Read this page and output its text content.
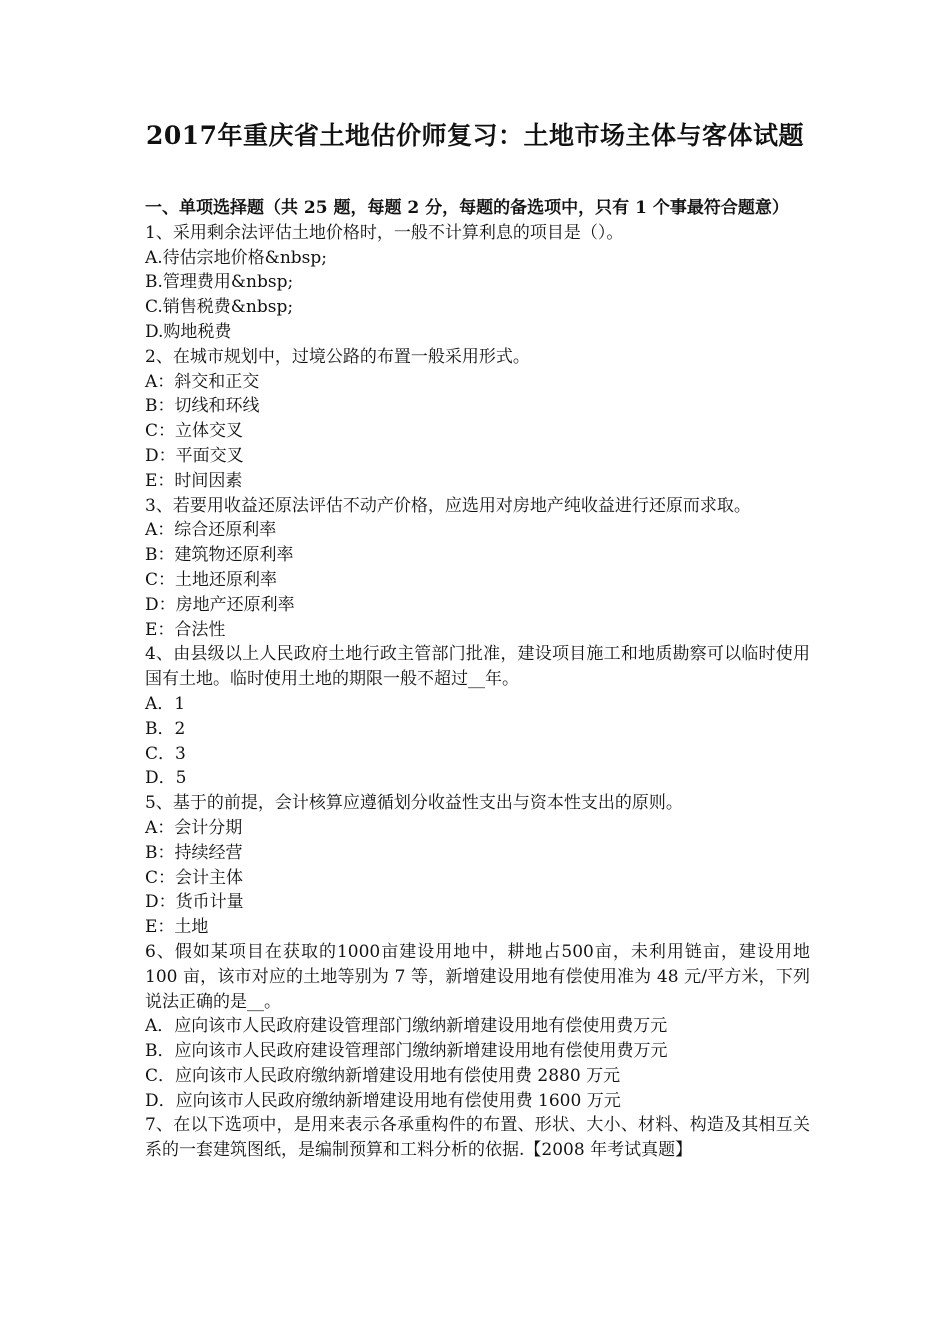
2017年重庆省土地估价师复习：土地市场主体与客体试题

一、单项选择题（共 25 题，每题 2 分，每题的备选项中，只有 1 个事最符合题意）

1、采用剩余法评估土地价格时，一般不计算利息的项目是（）。

A.待估宗地价格&nbsp;

B.管理费用&nbsp;

C.销售税费&nbsp;

D.购地税费

2、在城市规划中，过境公路的布置一般采用形式。

A：斜交和正交

B：切线和环线

C：立体交叉

D：平面交叉

E：时间因素

3、若要用收益还原法评估不动产价格，应选用对房地产纯收益进行还原而求取。

A：综合还原利率

B：建筑物还原利率

C：土地还原利率

D：房地产还原利率

E：合法性

4、由县级以上人民政府土地行政主管部门批准，建设项目施工和地质勘察可以临时使用国有土地。临时使用土地的期限一般不超过__年。

A．1

B．2

C．3

D．5

5、基于的前提，会计核算应遵循划分收益性支出与资本性支出的原则。

A：会计分期

B：持续经营

C：会计主体

D：货币计量

E：土地

6、假如某项目在获取的1000亩建设用地中，耕地占500亩，未利用链亩，建设用地 100 亩，该市对应的土地等别为 7 等，新增建设用地有偿使用准为 48 元/平方米，下列说法正确的是__。

A．应向该市人民政府建设管理部门缴纳新增建设用地有偿使用费万元

B．应向该市人民政府建设管理部门缴纳新增建设用地有偿使用费万元

C．应向该市人民政府缴纳新增建设用地有偿使用费 2880 万元

D．应向该市人民政府缴纳新增建设用地有偿使用费 1600 万元

7、在以下选项中，是用来表示各承重构件的布置、形状、大小、材料、构造及其相互关系的一套建筑图纸，是编制预算和工料分析的依据.【2008 年考试真题】
